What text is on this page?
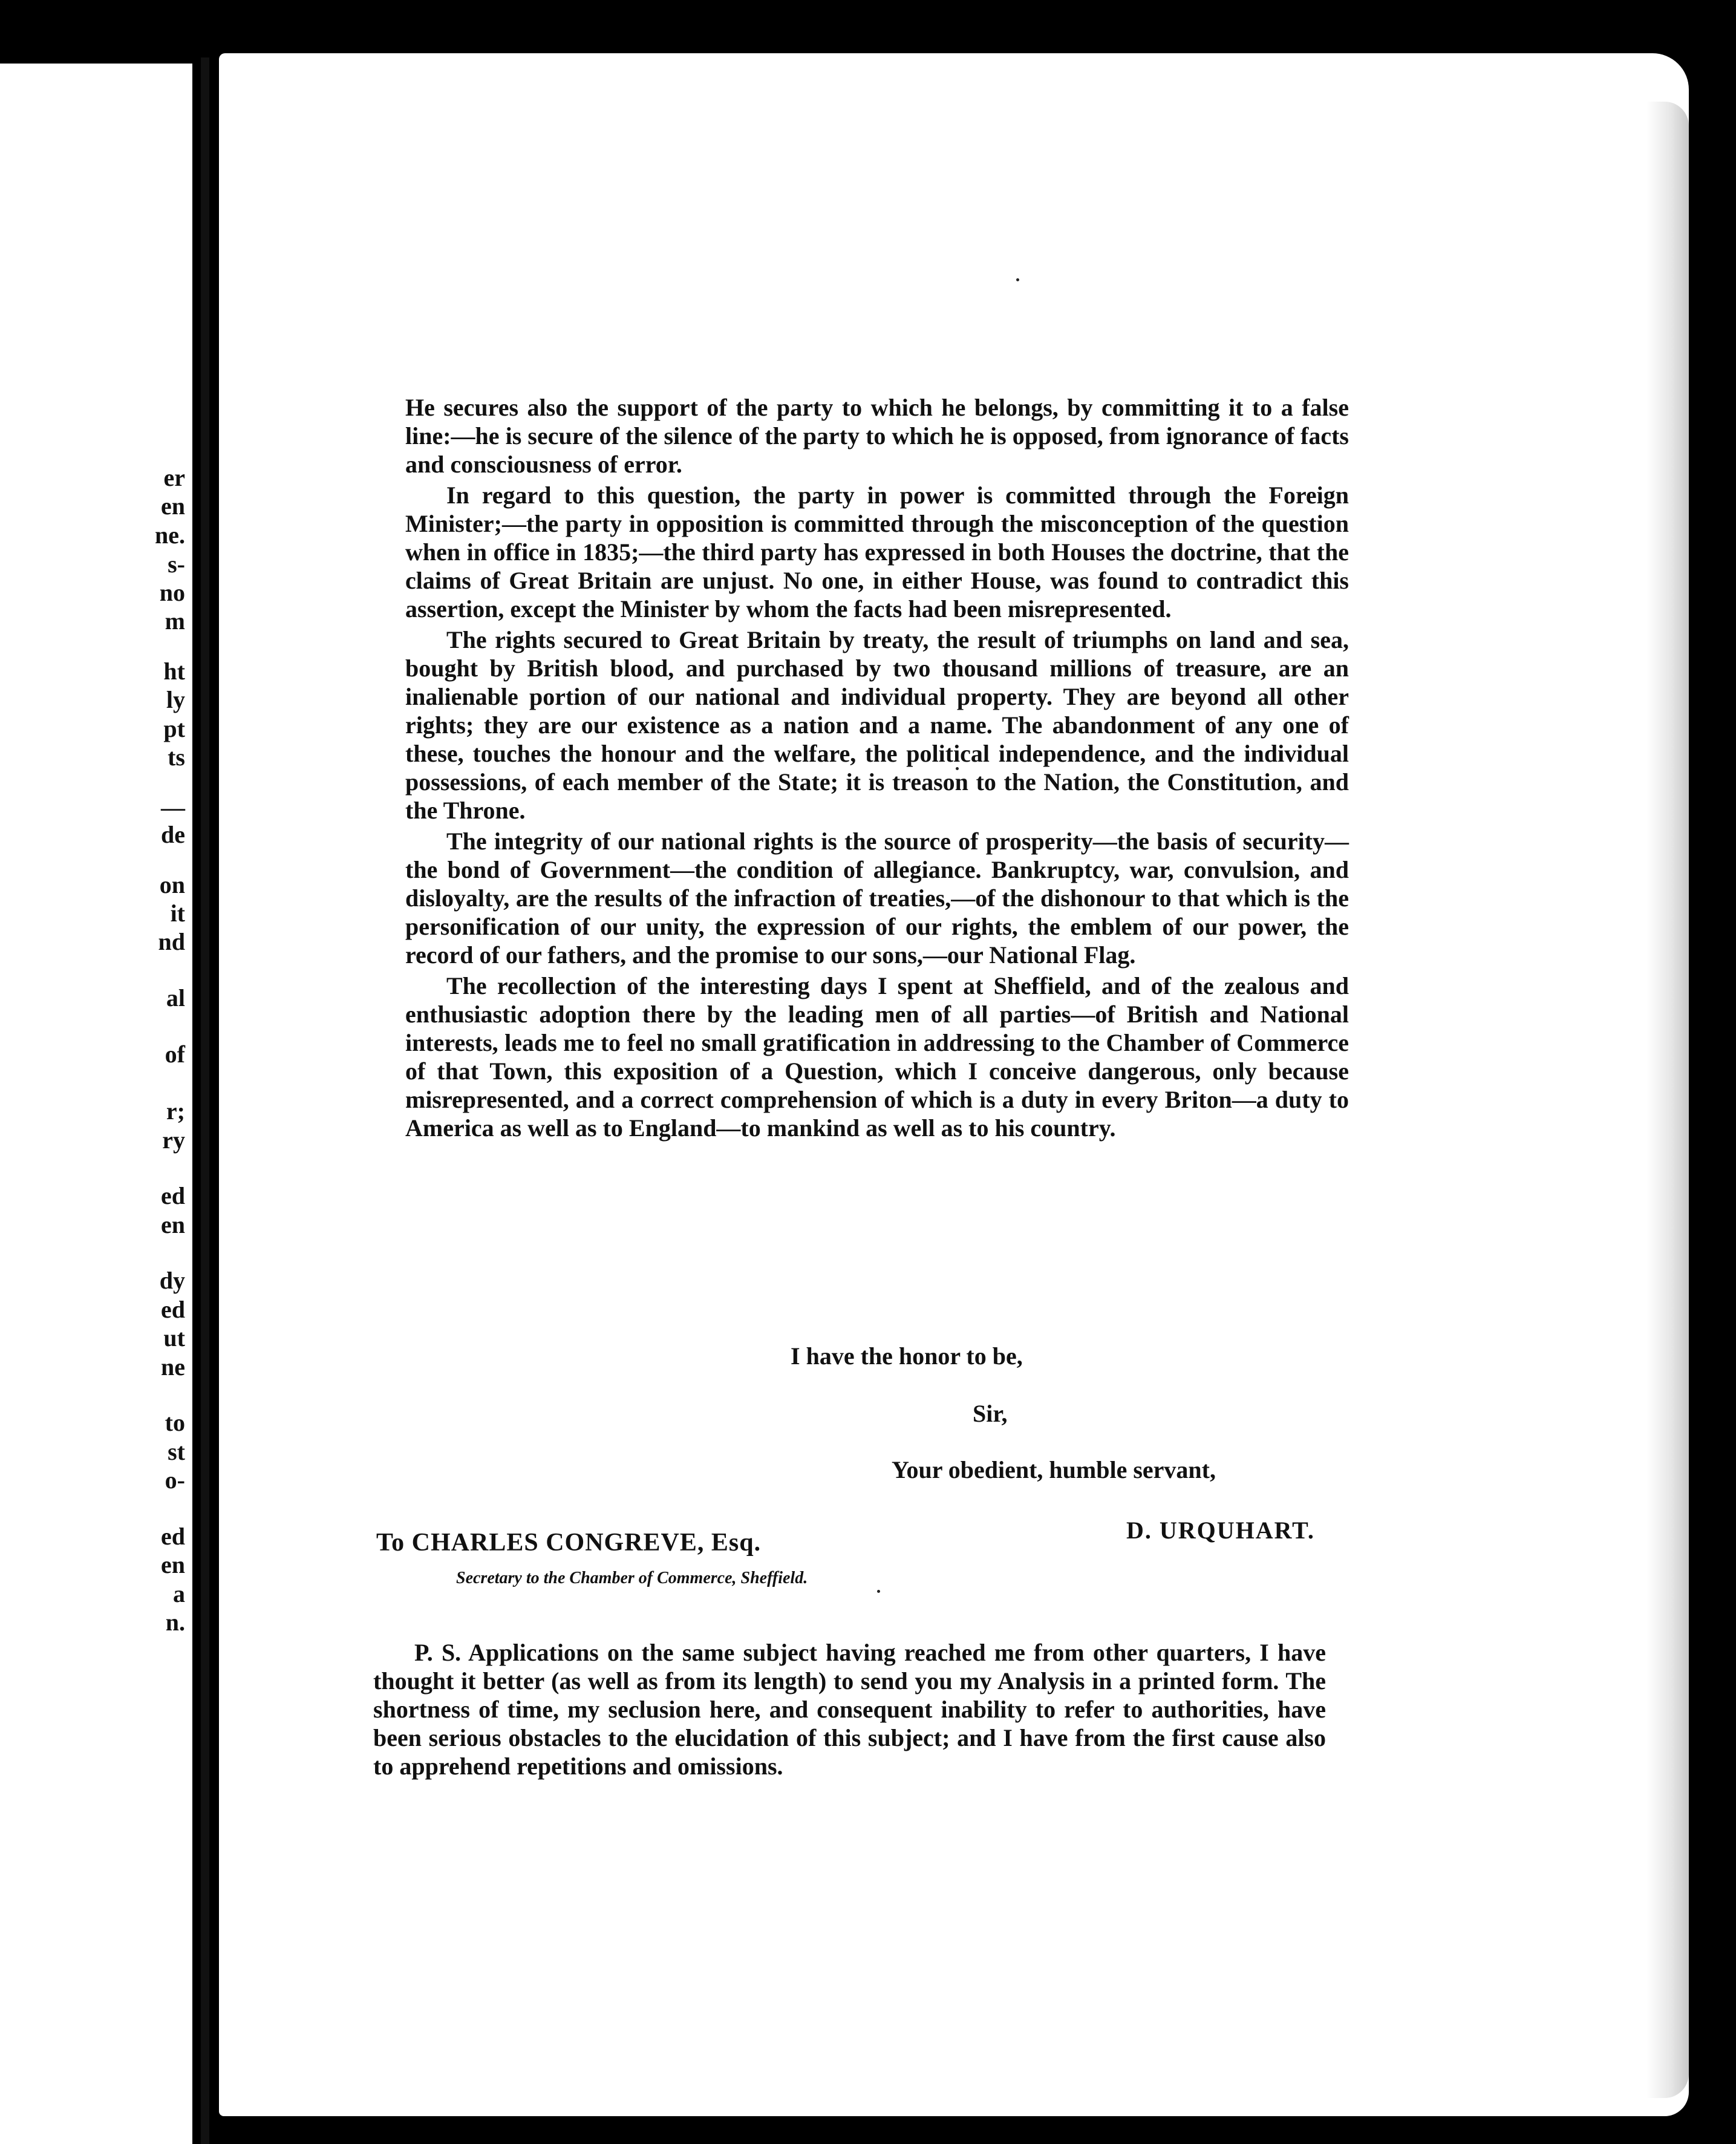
er
en
ne.
s-
no
m
ht
ly
pt
ts
—
de
on
it
nd
al
of
r;
ry
ed
en
dy
ed
ut
ne
to
st
o-
ed
en
a
n.

He secures also the support of the party to which he belongs, by committing it to a false line:—he is secure of the silence of the party to which he is opposed, from ignorance of facts and consciousness of error.

In regard to this question, the party in power is committed through the Foreign Minister;—the party in opposition is committed through the misconception of the question when in office in 1835;—the third party has expressed in both Houses the doctrine, that the claims of Great Britain are unjust. No one, in either House, was found to contradict this assertion, except the Minister by whom the facts had been misrepresented.

The rights secured to Great Britain by treaty, the result of triumphs on land and sea, bought by British blood, and purchased by two thousand millions of treasure, are an inalienable portion of our national and individual property. They are beyond all other rights; they are our existence as a nation and a name. The abandonment of any one of these, touches the honour and the welfare, the political independence, and the individual possessions, of each member of the State; it is treason to the Nation, the Constitution, and the Throne.

The integrity of our national rights is the source of prosperity—the basis of security—the bond of Government—the condition of allegiance. Bankruptcy, war, convulsion, and disloyalty, are the results of the infraction of treaties,—of the dishonour to that which is the personification of our unity, the expression of our rights, the emblem of our power, the record of our fathers, and the promise to our sons,—our National Flag.

The recollection of the interesting days I spent at Sheffield, and of the zealous and enthusiastic adoption there by the leading men of all parties—of British and National interests, leads me to feel no small gratification in addressing to the Chamber of Commerce of that Town, this exposition of a Question, which I conceive dangerous, only because misrepresented, and a correct comprehension of which is a duty in every Briton—a duty to America as well as to England—to mankind as well as to his country.

I have the honor to be,
Sir,
Your obedient, humble servant,
D. URQUHART.
To CHARLES CONGREVE, Esq.
Secretary to the Chamber of Commerce, Sheffield.

P. S. Applications on the same subject having reached me from other quarters, I have thought it better (as well as from its length) to send you my Analysis in a printed form. The shortness of time, my seclusion here, and consequent inability to refer to authorities, have been serious obstacles to the elucidation of this subject; and I have from the first cause also to apprehend repetitions and omissions.
